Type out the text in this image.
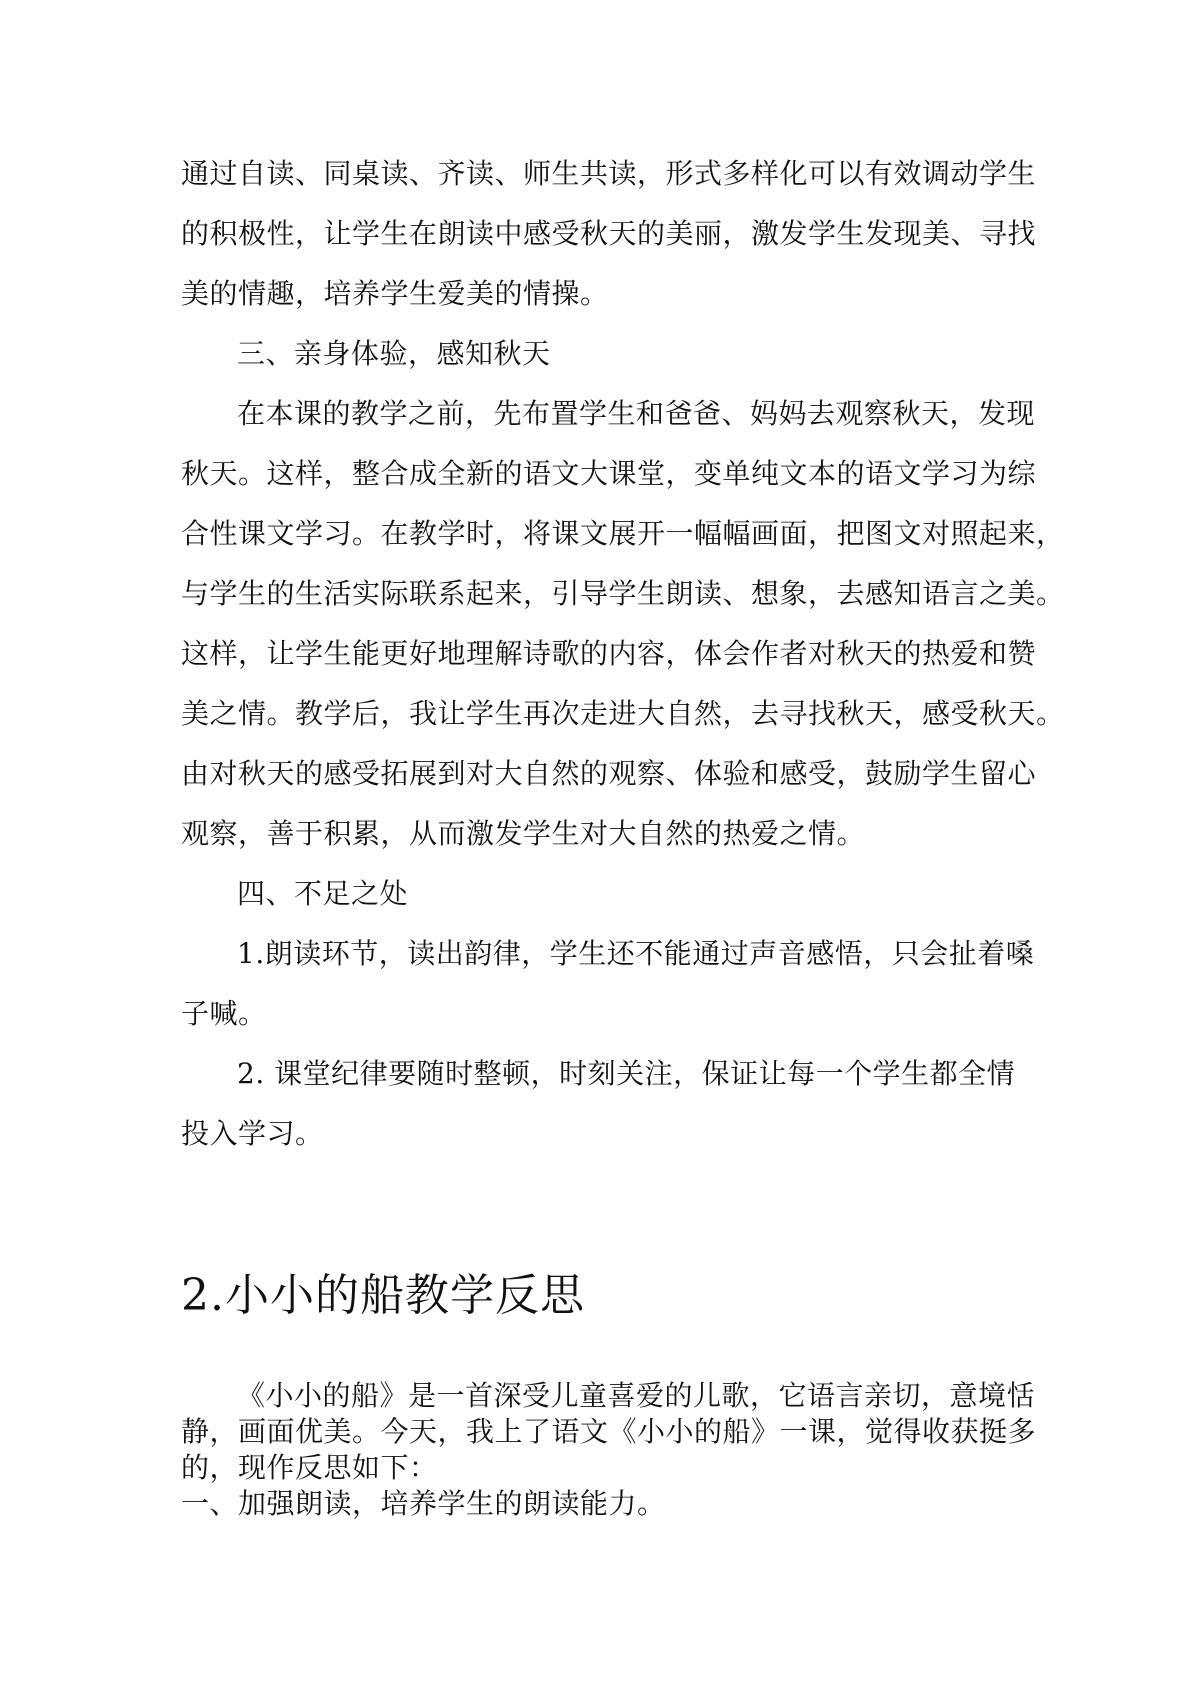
通过自读、同桌读、齐读、师生共读，形式多样化可以有效调动学生

的积极性，让学生在朗读中感受秋天的美丽，激发学生发现美、寻找

美的情趣，培养学生爱美的情操。

三、亲身体验，感知秋天

在本课的教学之前，先布置学生和爸爸、妈妈去观察秋天，发现

秋天。这样，整合成全新的语文大课堂，变单纯文本的语文学习为综

合性课文学习。在教学时，将课文展开一幅幅画面，把图文对照起来，

与学生的生活实际联系起来，引导学生朗读、想象，去感知语言之美。

这样，让学生能更好地理解诗歌的内容，体会作者对秋天的热爱和赞

美之情。教学后，我让学生再次走进大自然，去寻找秋天，感受秋天。

由对秋天的感受拓展到对大自然的观察、体验和感受，鼓励学生留心

观察，善于积累，从而激发学生对大自然的热爱之情。

四、不足之处

1.朗读环节，读出韵律，学生还不能通过声音感悟，只会扯着嗓

子喊。

2. 课堂纪律要随时整顿，时刻关注，保证让每一个学生都全情

投入学习。

2.小小的船教学反思

《小小的船》是一首深受儿童喜爱的儿歌，它语言亲切，意境恬

静，画面优美。今天，我上了语文《小小的船》一课，觉得收获挺多

的，现作反思如下：

一、加强朗读，培养学生的朗读能力。
